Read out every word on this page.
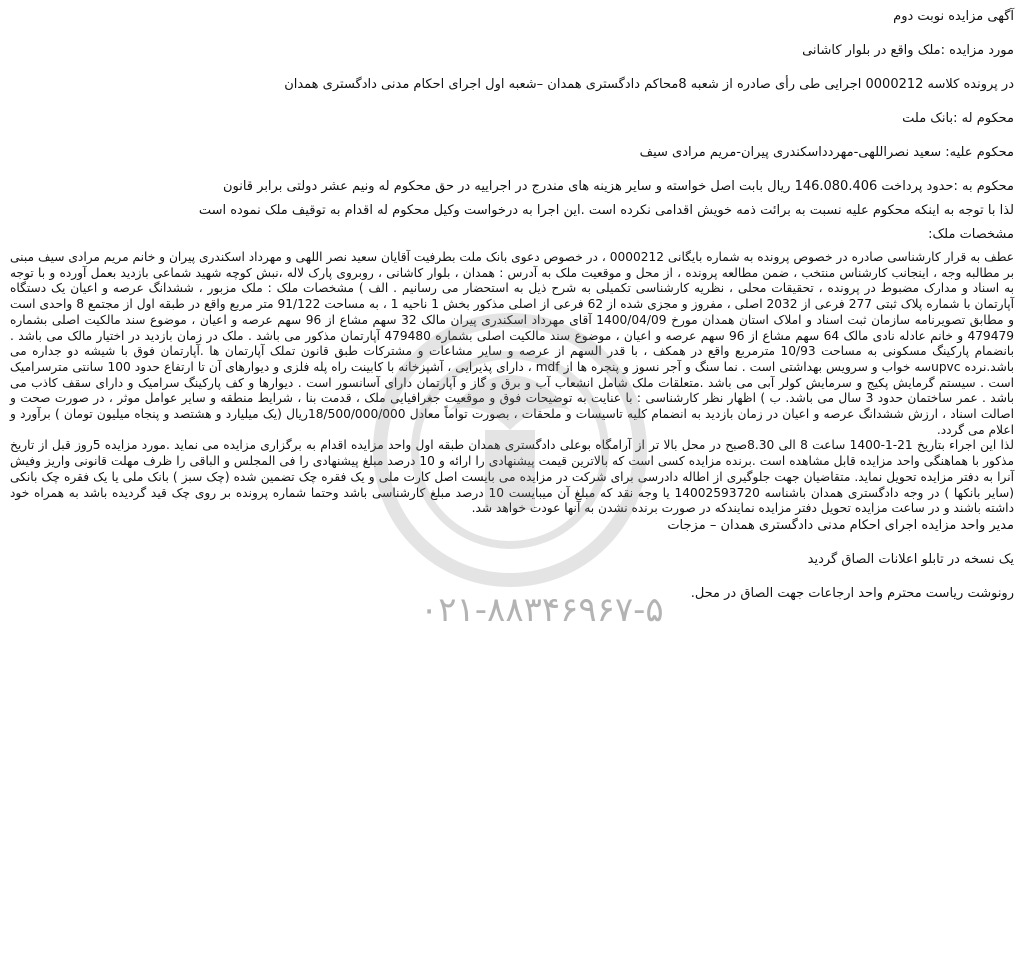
آگهی مزایده نوبت دوم

مورد مزایده :ملک واقع در بلوار کاشانی

در پرونده کلاسه 0000212 اجرایی طی رأی صادره از شعبه 8محاکم دادگستری همدان –شعبه اول اجرای احکام مدنی دادگستری همدان

محکوم له :بانک ملت

محکوم علیه: سعید نصراللهی-مهردداسکندری پیران-مریم مرادی سیف

محکوم به :حدود پرداخت 146.080.406 ریال بابت اصل خواسته و سایر هزینه های مندرج در اجراییه در حق محکوم له ونیم عشر دولتی برابر قانون

لذا با توجه به اینکه محکوم علیه نسبت به برائت ذمه خویش اقدامی نکرده است .این اجرا به درخواست وکیل محکوم له اقدام به توقیف ملک نموده است

مشخصات ملک:

عطف به قرار کارشناسی صادره در خصوص پرونده به شماره بایگانی 0000212 ، در خصوص دعوی بانک ملت بطرفیت آقایان سعید نصر اللهی و مهرداد اسکندری پیران و خانم مریم مرادی سیف مبنی بر مطالبه وجه ، اینجانب کارشناس منتخب ، ضمن مطالعه پرونده ، از محل و موقعیت ملک به آدرس : همدان ، بلوار کاشانی ، روبروی پارک لاله ،نبش کوچه شهید شماعی بازدید بعمل آورده و با توجه به اسناد و مدارک مضبوط در پرونده ، تحقیقات محلی ، نظریه کارشناسی تکمیلی به شرح ذیل به استحضار می رسانیم . الف ) مشخصات ملک : ملک مزبور ، ششدانگ عرصه و اعیان یک دستگاه آپارتمان با شماره پلاک ثبتی 277 فرعی از 2032 اصلی ، مفروز و مجزی شده از 62 فرعی از اصلی مذکور بخش 1 ناحیه 1 ، به مساحت 91/122 متر مربع واقع در طبقه اول از مجتمع 8 واحدی است و مطابق تصویرنامه سازمان ثبت اسناد و املاک استان همدان مورخ 1400/04/09 آقای مهرداد اسکندری پیران مالک 32 سهم مشاع از 96 سهم عرصه و اعیان ، موضوع سند مالکیت اصلی بشماره 479479 و خانم عادله نادی مالک 64 سهم مشاع از 96 سهم عرصه و اعیان ، موضوع سند مالکیت اصلی بشماره 479480 آپارتمان مذکور می باشد . ملک در زمان بازدید در اختیار مالک می باشد . بانضمام پارکینگ مسکونی به مساحت 10/93 مترمربع واقع در همکف ، با قدر السهم از عرصه و سایر مشاعات و مشترکات طبق قانون تملک آپارتمان ها .آپارتمان فوق با شیشه دو جداره می باشد.نرده upvcسه خواب و سرویس بهداشتی است . نما سنگ و آجر نسوز و پنجره ها از mdf ، دارای پذیرایی ، آشپزخانه با کابینت راه پله فلزی و دیوارهای آن تا ارتفاع حدود 100 سانتی مترسرامیک است . سیستم گرمایش پکیج و سرمایش کولر آبی می باشد .متعلقات ملک شامل انشعاب آب و برق و گاز و آپارتمان دارای آسانسور است . دیوارها و کف پارکینگ سرامیک و دارای سقف کاذب می باشد . عمر ساختمان حدود 3 سال می باشد. ب ) اظهار نظر کارشناسی : با عنایت به توضیحات فوق و موقعیت جغرافیایی ملک ، قدمت بنا ، شرایط منطقه و سایر عوامل موثر ، در صورت صحت و اصالت اسناد ، ارزش ششدانگ عرصه و اعیان در زمان بازدید به انضمام کلیه تاسیسات و ملحقات ، بصورت تواماً معادل 18/500/000/000ریال (یک میلیارد و هشتصد و پنجاه میلیون تومان ) برآورد و اعلام می گردد.

لذا این اجراء بتاریخ 21-1-1400 ساعت 8 الی 8.30صبح در محل بالا تر از آرامگاه بوعلی دادگستری همدان طبقه اول واحد مزایده اقدام به برگزاری مزایده می نماید .مورد مزایده 5روز قبل از تاریخ مذکور با هماهنگی واحد مزایده قابل مشاهده است .برنده مزایده کسی است که بالاترین قیمت پیشنهادی را ارائه و 10 درصد مبلغ پیشنهادی را فی المجلس و الباقی را ظرف مهلت قانونی واریز وفیش آنرا به دفتر مزایده تحویل نماید. متقاضیان جهت جلوگیری از اطاله دادرسی برای شرکت در مزایده می بایست اصل کارت ملی و یک فقره چک تضمین شده (چک سبز ) بانک ملی یا یک فقره چک بانکی (سایر بانکها ) در وجه دادگستری همدان باشناسه 14002593720 یا وجه نقد که مبلغ آن میبایست 10 درصد مبلغ کارشناسی باشد وحتما شماره پرونده بر روی چک قید گردیده باشد به همراه خود داشته باشند و در ساعت مزایده تحویل دفتر مزایده نمایندکه در صورت برنده نشدن به آنها عودت خواهد شد.

مدیر واحد مزایده اجرای احکام مدنی دادگستری همدان – مزجات

یک نسخه در تابلو اعلانات الصاق گردید

رونوشت ریاست محترم واحد ارجاعات جهت الصاق در محل.

۰۲۱-۸۸۳۴۶۹۶۷-۵
